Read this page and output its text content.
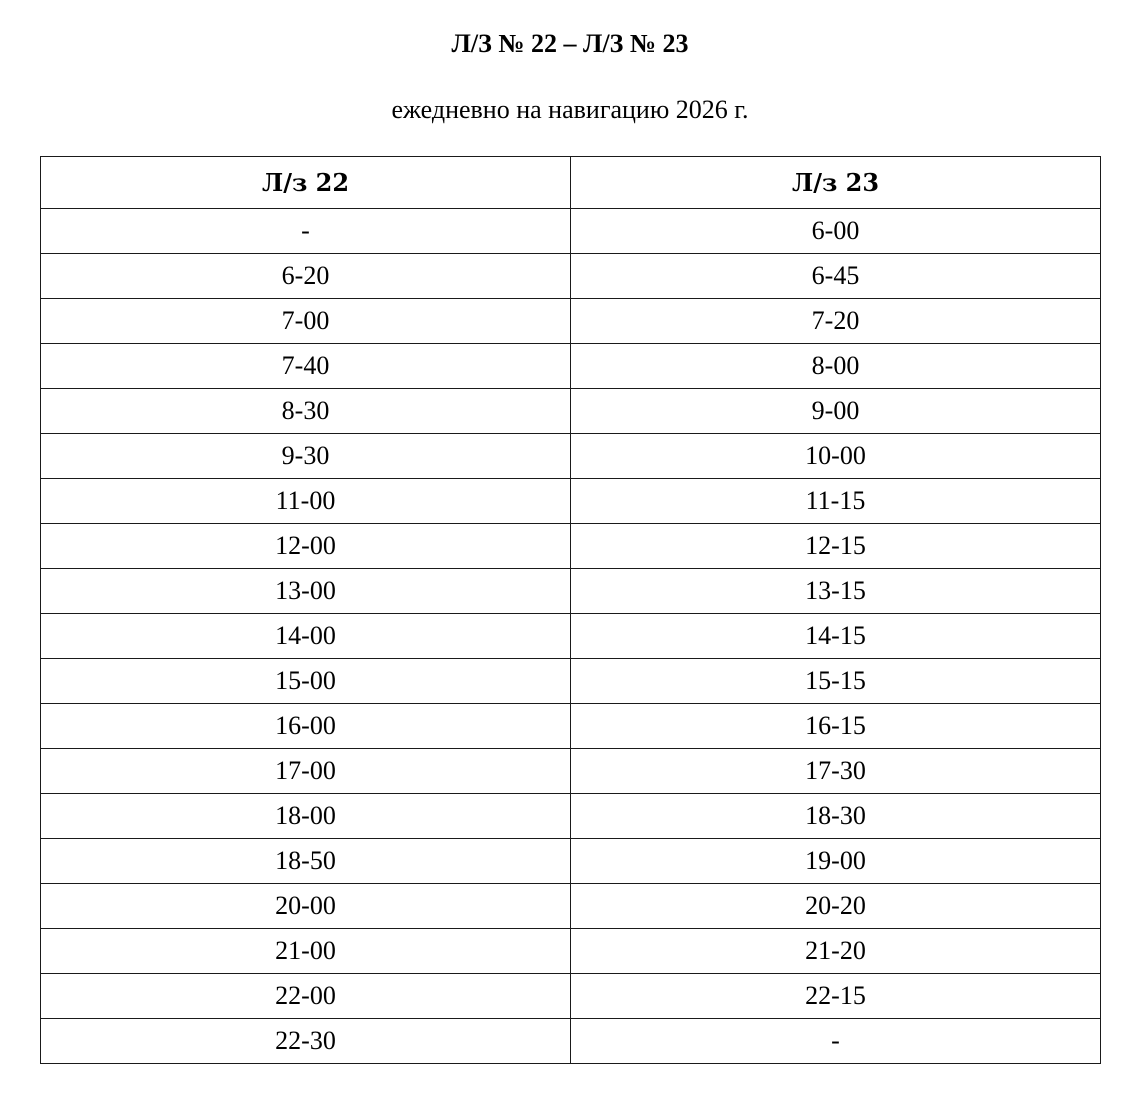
Л/З № 22 – Л/З № 23
ежедневно на навигацию 2026 г.
Л/з 22	Л/з 23
-	6-00
6-20	6-45
7-00	7-20
7-40	8-00
8-30	9-00
9-30	10-00
11-00	11-15
12-00	12-15
13-00	13-15
14-00	14-15
15-00	15-15
16-00	16-15
17-00	17-30
18-00	18-30
18-50	19-00
20-00	20-20
21-00	21-20
22-00	22-15
22-30	-
